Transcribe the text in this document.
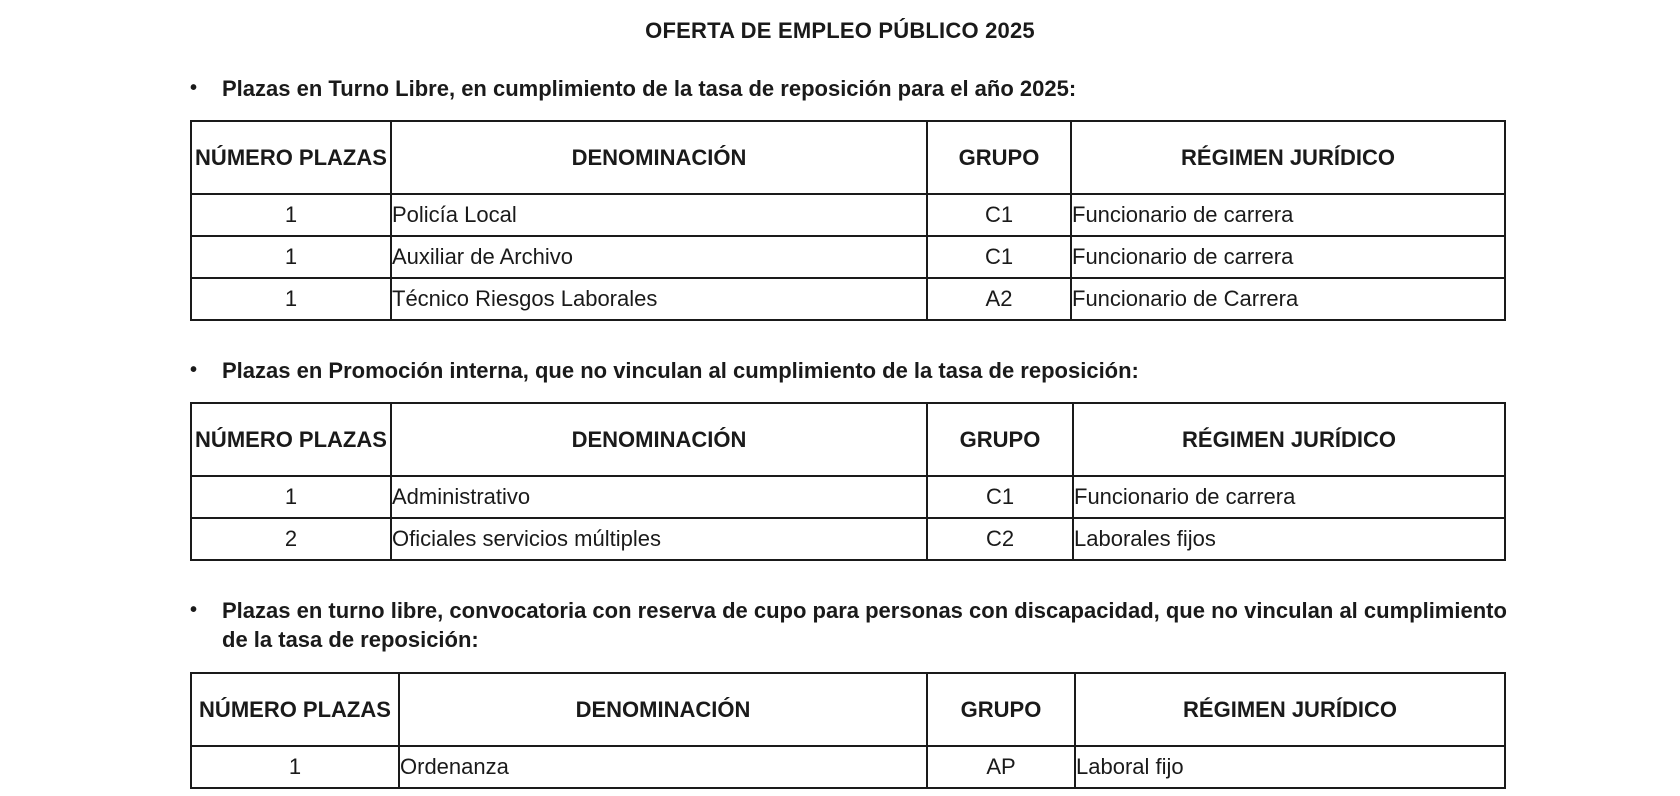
OFERTA DE EMPLEO PÚBLICO 2025
•	Plazas en Turno Libre, en cumplimiento de la tasa de reposición para el año 2025:
NÚMERO PLAZAS	DENOMINACIÓN	GRUPO	RÉGIMEN JURÍDICO
1	Policía Local	C1	Funcionario de carrera
1	Auxiliar de Archivo	C1	Funcionario de carrera
1	Técnico Riesgos Laborales	A2	Funcionario de Carrera
•	Plazas en Promoción interna, que no vinculan al cumplimiento de la tasa de reposición:
NÚMERO PLAZAS	DENOMINACIÓN	GRUPO	RÉGIMEN JURÍDICO
1	Administrativo	C1	Funcionario de carrera
2	Oficiales servicios múltiples	C2	Laborales fijos
•	Plazas en turno libre, convocatoria con reserva de cupo para personas con discapacidad, que no vinculan al cumplimiento de la tasa de reposición:
NÚMERO PLAZAS	DENOMINACIÓN	GRUPO	RÉGIMEN JURÍDICO
1	Ordenanza	AP	Laboral fijo
